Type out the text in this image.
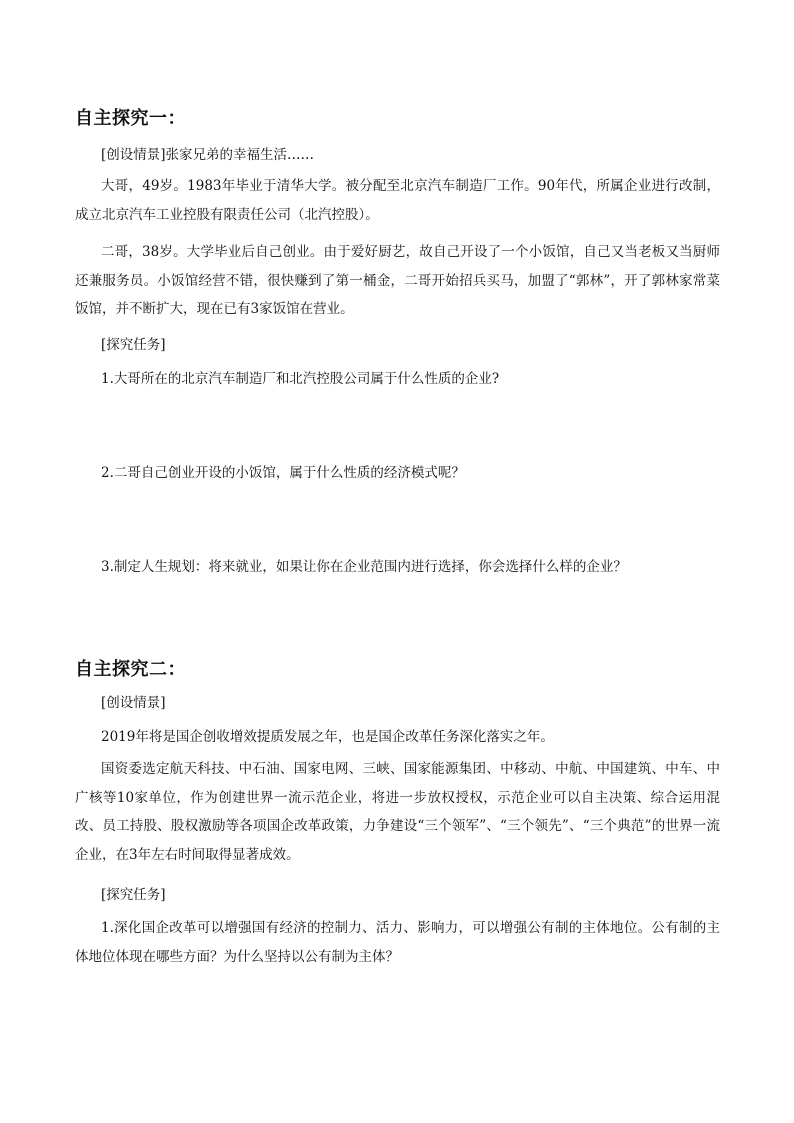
自主探究一：
[创设情景]张家兄弟的幸福生活……
大哥，49岁。1983年毕业于清华大学。被分配至北京汽车制造厂工作。90年代，所属企业进行改制，成立北京汽车工业控股有限责任公司（北汽控股）。
二哥，38岁。大学毕业后自己创业。由于爱好厨艺，故自己开设了一个小饭馆，自己又当老板又当厨师还兼服务员。小饭馆经营不错，很快赚到了第一桶金，二哥开始招兵买马，加盟了“郭林”，开了郭林家常菜饭馆，并不断扩大，现在已有3家饭馆在营业。
[探究任务]
1.大哥所在的北京汽车制造厂和北汽控股公司属于什么性质的企业?
2.二哥自己创业开设的小饭馆，属于什么性质的经济模式呢？
3.制定人生规划：将来就业，如果让你在企业范围内进行选择，你会选择什么样的企业？
自主探究二：
[创设情景]
2019年将是国企创收增效提质发展之年，也是国企改革任务深化落实之年。
国资委选定航天科技、中石油、国家电网、三峡、国家能源集团、中移动、中航、中国建筑、中车、中广核等10家单位，作为创建世界一流示范企业，将进一步放权授权，示范企业可以自主决策、综合运用混改、员工持股、股权激励等各项国企改革政策，力争建设“三个领军”、“三个领先”、“三个典范”的世界一流企业，在3年左右时间取得显著成效。
[探究任务]
1.深化国企改革可以增强国有经济的控制力、活力、影响力，可以增强公有制的主体地位。公有制的主体地位体现在哪些方面？为什么坚持以公有制为主体？
